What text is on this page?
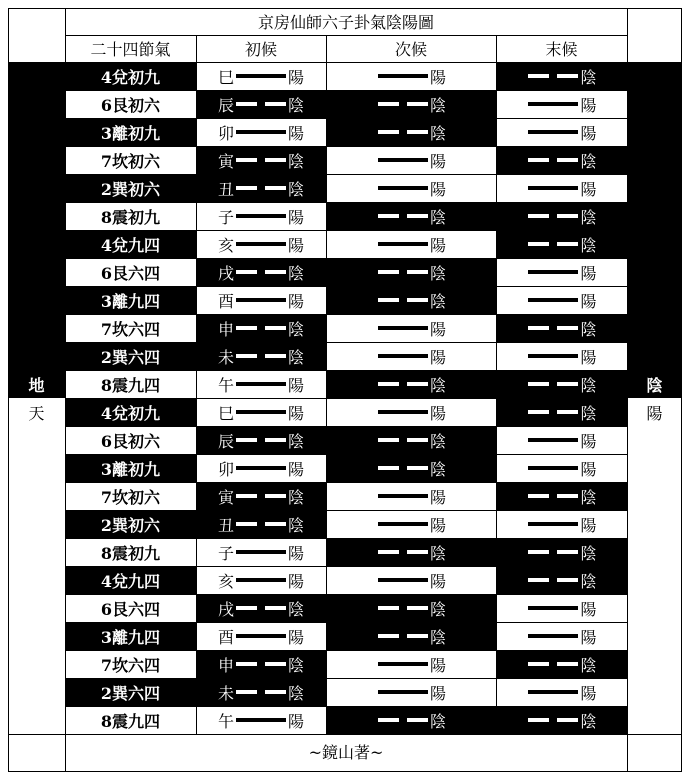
京房仙師六子卦氣陰陽圖
二十四節氣	初候	次候	末候
4兌初九	巳	陽	陽	陰
6艮初六	辰	陰	陰	陽
3離初九	卯	陽	陰	陽
7坎初六	寅	陰	陽	陰
2巽初六	丑	陰	陽	陽
8震初九	子	陽	陰	陰
4兌九四	亥	陽	陽	陰
6艮六四	戌	陰	陰	陽
3離九四	酉	陽	陰	陽
7坎六四	申	陰	陽	陰
2巽六四	未	陰	陽	陽
8震九四	午	陽	陰	陰
4兌初九	巳	陽	陽	陰
6艮初六	辰	陰	陰	陽
3離初九	卯	陽	陰	陽
7坎初六	寅	陰	陽	陰
2巽初六	丑	陰	陽	陽
8震初九	子	陽	陰	陰
4兌九四	亥	陽	陽	陰
6艮六四	戌	陰	陰	陽
3離九四	酉	陽	陰	陽
7坎六四	申	陰	陽	陰
2巽六四	未	陰	陽	陽
8震九四	午	陽	陰	陰
地
天
陰
陽
~鏡山著~
